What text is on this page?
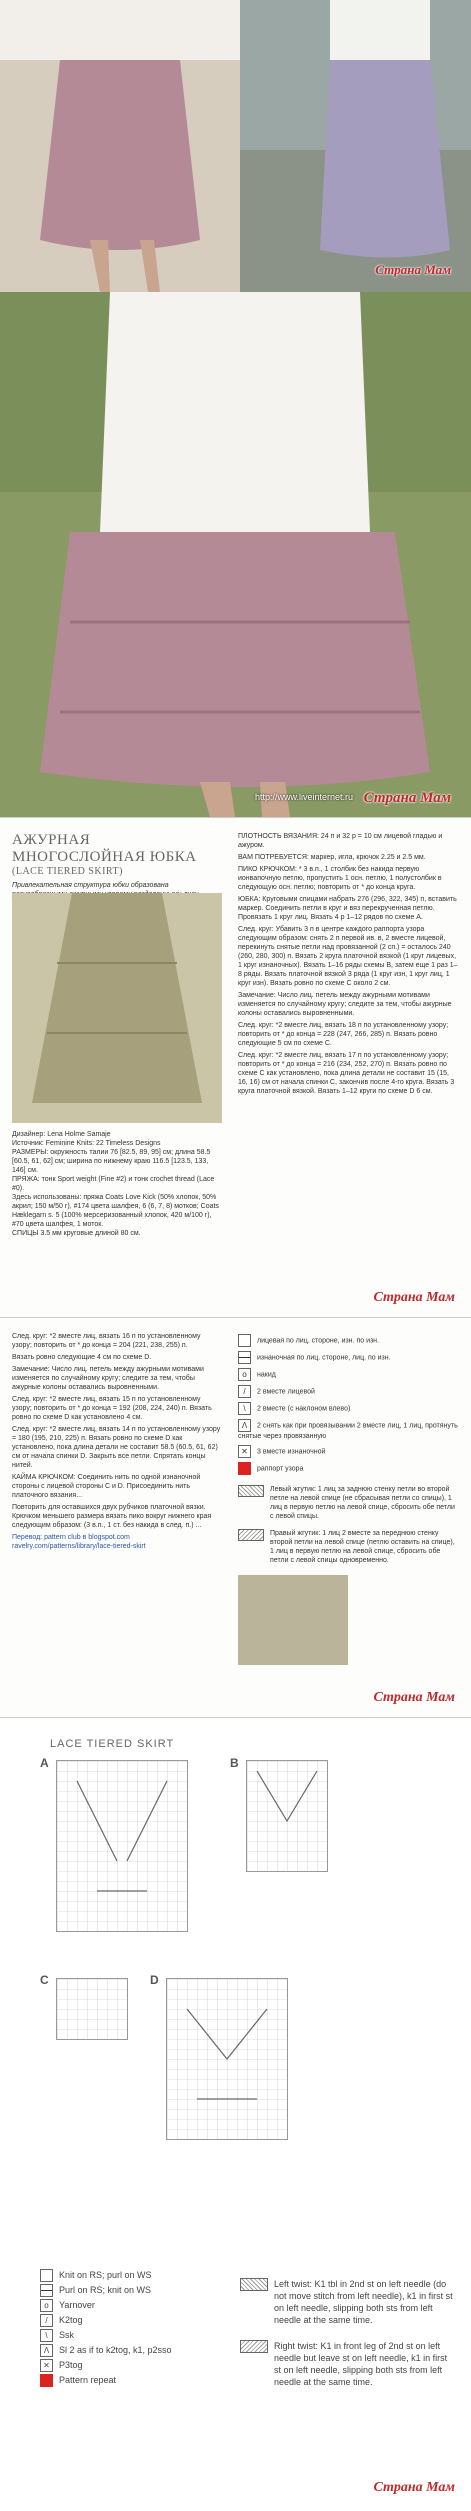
Страна Мам
http://www.liveinternet.ru Страна Мам
АЖУРНАЯ МНОГОСЛОЙНАЯ ЮБКА
(LACE TIERED SKIRT)
Привлекательная структура юбки образована
Дизайнер: Lena Holme Samaje
Источник: Feminine Knits: 22 Timeless Designs
РАЗМЕРЫ: окружность талии 76 [82.5, 89, 95] см; длина 58.5 [60.5, 61, 62] см; ширина по нижнему краю 116.5 [123.5, 133, 146] см.
ПРЯЖА: тонк Sport weight (Fine #2) и тонк crochet thread (Lace #0).
Здесь использованы: пряжа Coats Love Kick (50% хлопок, 50% акрил; 150 м/50 г), #174 цвета шалфея, 6 (6, 7, 8) мотков; Coats Hæklegarn s. 5 (100% мерсеризованный хлопок, 420 м/100 г), #70 цвета шалфея, 1 моток.
СПИЦЫ 3.5 мм круговые длиной 80 см.
ПЛОТНОСТЬ ВЯЗАНИЯ: 24 п и 32 р = 10 см лицевой гладью и ажуром.
ВАМ ПОТРЕБУЕТСЯ: маркер, игла, крючок 2.25 и 2.5 мм.
ПИКО КРЮЧКОМ: * 3 в.п., 1 столбик без накида первую ионвапочную петлю, пропустить 1 осн. петлю, 1 полустолбик в следующую осн. петлю; повторить от * до конца круга.
ЮБКА: Круговыми спицами набрать 276 (296, 322, 345) п, вставить маркер. Соединить петли в круг и вяз перекрученная петлю. Провязать 1 круг лиц. Вязать 4 р 1–12 рядов по схеме А.
След. круг: Убавить 3 п в центре каждого раппорта узора следующим образом: снять 2 п первой ив. в, 2 вместе лицевой, перекинуть снятые петли над провязанной (2 сп.) = осталось 240 (260, 280, 300) п. Вязать 2 круга платочной вязкой (1 круг лицевых, 1 круг изнаночных). Вязать 1–16 ряды схемы В, затем еще 1 раз 1–8 ряды. Вязать платочной вязкой 3 ряда (1 круг изн, 1 круг лиц, 1 круг изн). Вязать ровно по схеме С около 2 см.
Замечание: Число лиц. петель между ажурными мотивами изменяется по случайному кругу; следите за тем, чтобы ажурные колоны оставались выровненными.
След. круг: *2 вместе лиц, вязать 18 п по установленному узору; повторить от * до конца = 228 (247, 266, 285) п. Вязать ровно следующие 5 см по схеме С.
След. круг: *2 вместе лиц, вязать 17 п по установленному узору; повторить от * до конца = 216 (234, 252, 270) п. Вязать ровно по схеме С как установлено, пока длина детали не составит 15 (15, 16, 16) см от начала спинки С, закончив после 4-го круга. Вязать 3 круга платочной вязкой. Вязать 1–12 круги по схеме D 6 см.
Страна Мам
След. круг: *2 вместе лиц, вязать 16 п по установленному узору; повторить от * до конца = 204 (221, 238, 255) п.
Вязать ровно следующие 4 см по схеме D.
Замечание: Число лиц. петель между ажурными мотивами изменяется по случайному кругу; следите за тем, чтобы ажурные колоны оставались выровненными.
След. круг: *2 вместе лиц, вязать 15 п по установленному узору; повторить от * до конца = 192 (208, 224, 240) п. Вязать ровно по схеме D как установлено 4 см.
След. круг: *2 вместе лиц, вязать 14 п по установленному узору = 180 (195, 210, 225) п. Вязать ровно по схеме D как установлено, пока длина детали не составит 58.5 (60.5, 61, 62) см от начала спинки D. Закрыть все петли. Спрятать концы нитей.
КАЙМА КРЮЧКОМ: Соединить нить по одной изнаночной стороны с лицевой стороны С и D. Присоединить нить платочного вязания...
Повторить для оставшихся двух рубчиков платочной вязки. Крючком меньшего размера вязать пико вокруг нижнего края следующим образом: (3 в.п., 1 ст. без накида в след. п.) ...
Перевод: pattern club в blogspot.com
ravelry.com/patterns/library/lace-tiered-skirt
лицевая по лиц. стороне, изн. по изн.
изнаночная по лиц. стороне, лиц. по изн.
o накид
/ 2 вместе лицевой
\ 2 вместе (с наклоном влево)
Λ 2 снять как при провязывании 2 вместе лиц, 1 лиц, протянуть снятые через провязанную
✕ 3 вместе изнаночной
раппорт узора
Левый жгутик: 1 лиц за заднюю стенку петли во второй петле на левой спице (не сбрасывая петли со спицы), 1 лиц в первую петлю на левой спице, сбросить обе петли с левой спицы.
Правый жгутик: 1 лиц 2 вместе за переднюю стенку второй петли на левой спице (петлю оставить на спице), 1 лиц в первую петлю на левой спице, сбросить обе петли с левой спицы одновременно.
Страна Мам
LACE TIERED SKIRT
A	B
C	D
Knit on RS; purl on WS
Purl on RS; knit on WS
o Yarnover
/ K2tog
\ Ssk
Λ Sl 2 as if to k2tog, k1, p2sso
✕ P3tog
Pattern repeat
Left twist: K1 tbl in 2nd st on left needle (do not move stitch from left needle), k1 in first st on left needle, slipping both sts from left needle at the same time.
Right twist: K1 in front leg of 2nd st on left needle but leave st on left needle, k1 in first st on left needle, slipping both sts from left needle at the same time.
Страна Мам
